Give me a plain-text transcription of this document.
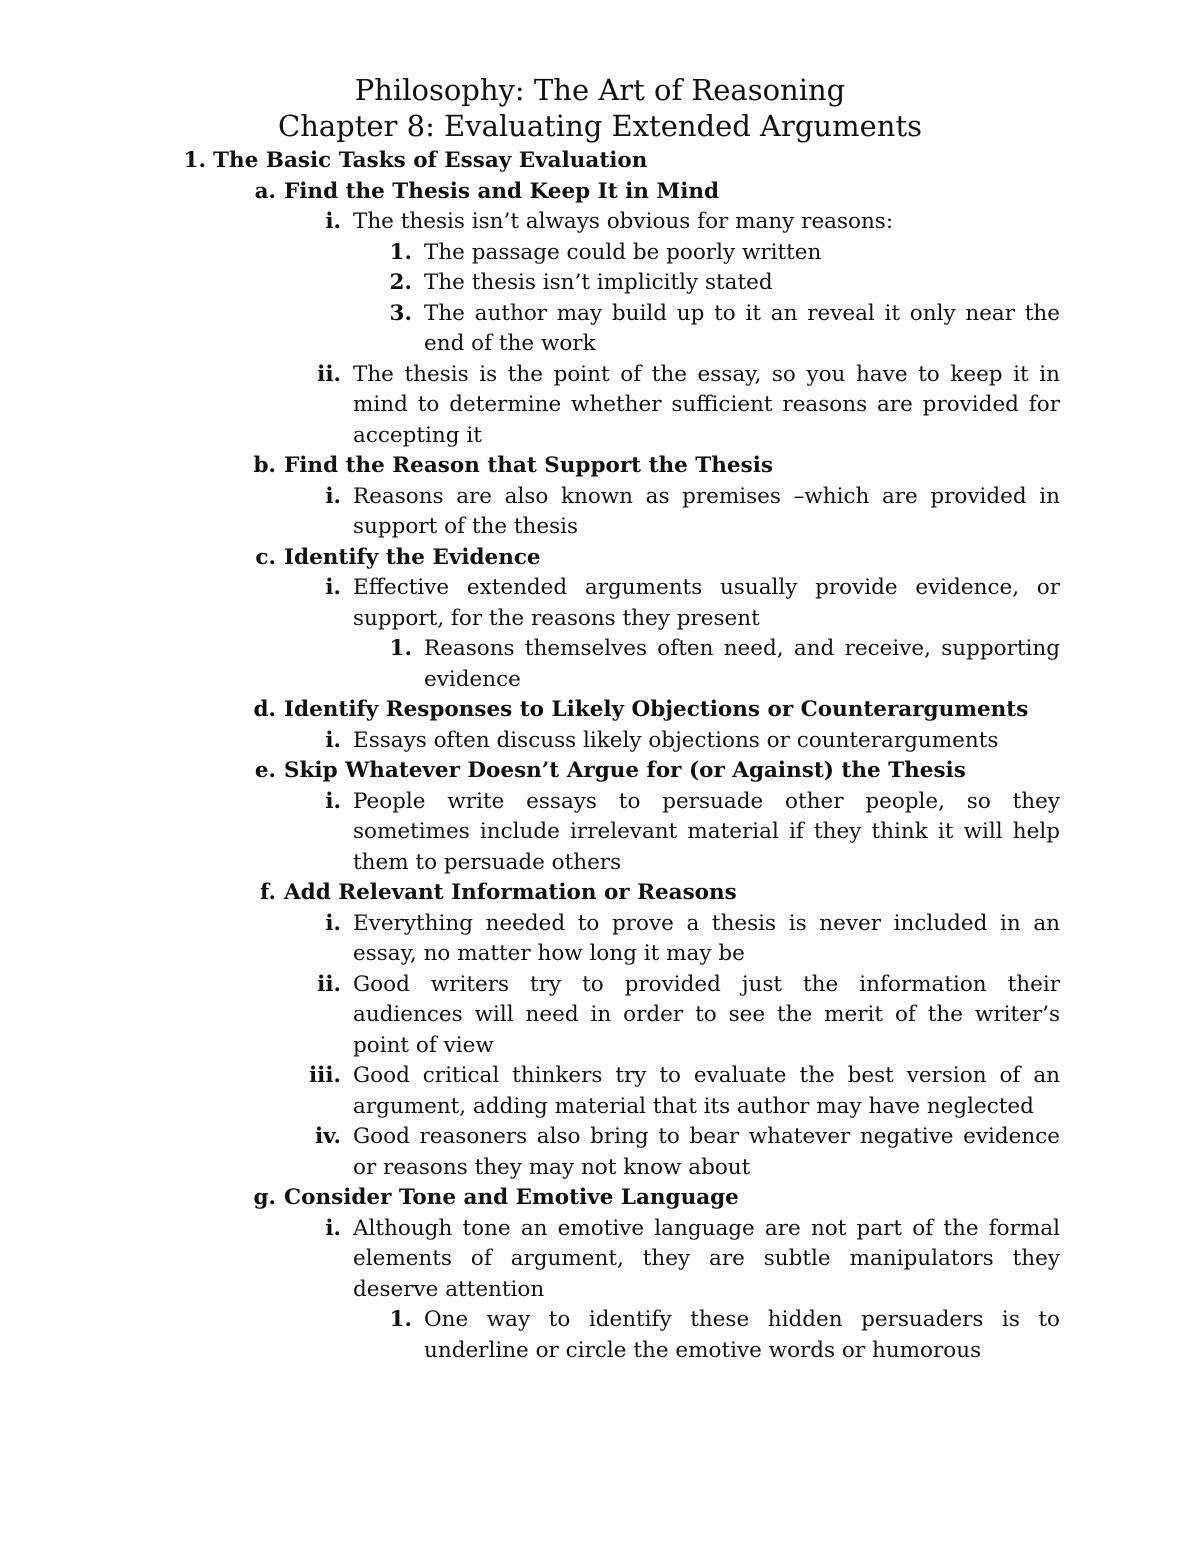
Philosophy: The Art of Reasoning
Chapter 8: Evaluating Extended Arguments
1. The Basic Tasks of Essay Evaluation
a. Find the Thesis and Keep It in Mind
i. The thesis isn’t always obvious for many reasons:
1. The passage could be poorly written
2. The thesis isn’t implicitly stated
3. The author may build up to it an reveal it only near the end of the work
ii. The thesis is the point of the essay, so you have to keep it in mind to determine whether sufficient reasons are provided for accepting it
b. Find the Reason that Support the Thesis
i. Reasons are also known as premises –which are provided in support of the thesis
c. Identify the Evidence
i. Effective extended arguments usually provide evidence, or support, for the reasons they present
1. Reasons themselves often need, and receive, supporting evidence
d. Identify Responses to Likely Objections or Counterarguments
i. Essays often discuss likely objections or counterarguments
e. Skip Whatever Doesn’t Argue for (or Against) the Thesis
i. People write essays to persuade other people, so they sometimes include irrelevant material if they think it will help them to persuade others
f. Add Relevant Information or Reasons
i. Everything needed to prove a thesis is never included in an essay, no matter how long it may be
ii. Good writers try to provided just the information their audiences will need in order to see the merit of the writer’s point of view
iii. Good critical thinkers try to evaluate the best version of an argument, adding material that its author may have neglected
iv. Good reasoners also bring to bear whatever negative evidence or reasons they may not know about
g. Consider Tone and Emotive Language
i. Although tone an emotive language are not part of the formal elements of argument, they are subtle manipulators they deserve attention
1. One way to identify these hidden persuaders is to underline or circle the emotive words or humorous
